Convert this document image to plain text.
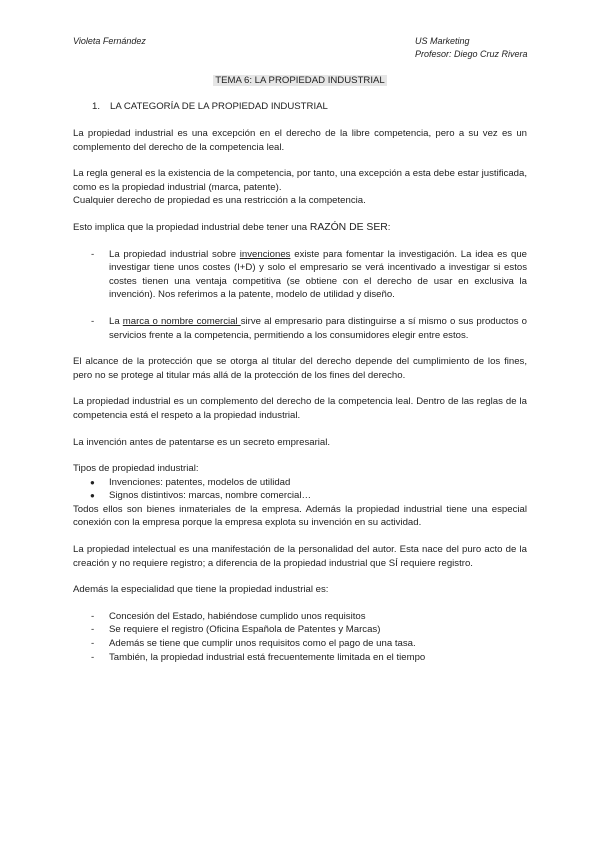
Violeta Fernández	US Marketing
Profesor: Diego Cruz Rivera
TEMA 6: LA PROPIEDAD INDUSTRIAL
1. LA CATEGORÍA DE LA PROPIEDAD INDUSTRIAL

La propiedad industrial es una excepción en el derecho de la libre competencia, pero a su vez es un complemento del derecho de la competencia leal.

La regla general es la existencia de la competencia, por tanto, una excepción a esta debe estar justificada, como es la propiedad industrial (marca, patente).

Cualquier derecho de propiedad es una restricción a la competencia.

Esto implica que la propiedad industrial debe tener una RAZÓN DE SER:

- La propiedad industrial sobre invenciones existe para fomentar la investigación. La idea es que investigar tiene unos costes (I+D) y solo el empresario se verá incentivado a investigar si estos costes tienen una ventaja competitiva (se obtiene con el derecho de usar en exclusiva la invención). Nos referimos a la patente, modelo de utilidad y diseño.
- La marca o nombre comercial sirve al empresario para distinguirse a sí mismo o sus productos o servicios frente a la competencia, permitiendo a los consumidores elegir entre estos.

El alcance de la protección que se otorga al titular del derecho depende del cumplimiento de los fines, pero no se protege al titular más allá de la protección de los fines del derecho.

La propiedad industrial es un complemento del derecho de la competencia leal. Dentro de las reglas de la competencia está el respeto a la propiedad industrial.

La invención antes de patentarse es un secreto empresarial.

Tipos de propiedad industrial:
● Invenciones: patentes, modelos de utilidad
● Signos distintivos: marcas, nombre comercial…

Todos ellos son bienes inmateriales de la empresa. Además la propiedad industrial tiene una especial conexión con la empresa porque la empresa explota su invención en su actividad.

La propiedad intelectual es una manifestación de la personalidad del autor. Esta nace del puro acto de la creación y no requiere registro; a diferencia de la propiedad industrial que SÍ requiere registro.

Además la especialidad que tiene la propiedad industrial es:

- Concesión del Estado, habiéndose cumplido unos requisitos
- Se requiere el registro (Oficina Española de Patentes y Marcas)
- Además se tiene que cumplir unos requisitos como el pago de una tasa.
- También, la propiedad industrial está frecuentemente limitada en el tiempo
